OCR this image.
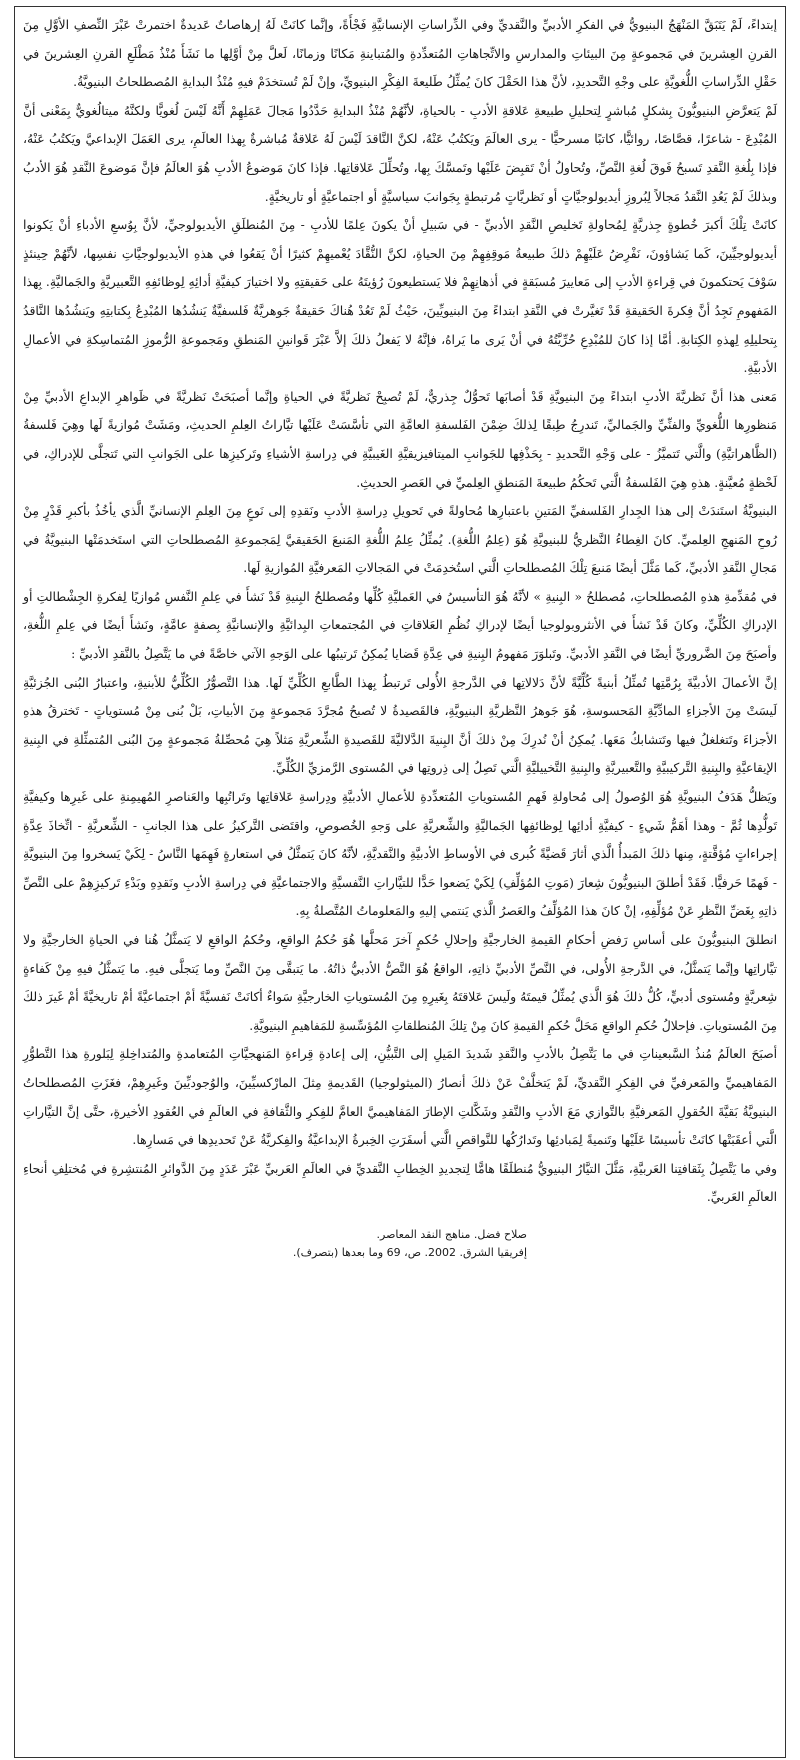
إبتداءً، لَمْ يَتَبَقَّ المَنْهَجُ البنيويُّ في الفكرِ الأدبيِّ والنَّقديِّ وفي الدِّراساتِ الإنسانيَّةِ فَجْأَةً، وإنَّما كانَتْ لَهُ إرهاصاتٌ عَديدةٌ اختمرتْ عَبْرَ النِّصفِ الأوَّلِ مِنَ القرنِ العِشرينَ في مَجموعةٍ مِنَ البيئاتِ والمدارسِ والاتِّجاهاتِ المُتعدِّدةِ والمُتباينةِ مَكانًا وزمانًا، لَعلَّ مِنْ أوَّلِها ما نَشَأَ مُنْذُ مَطْلَعِ القرنِ العِشرينَ في حَقْلِ الدِّراساتِ اللُّغويَّةِ على وجْهِ التَّحديدِ، لأنَّ هذا الحَقْلَ كانَ يُمثِّلُ طَليعةَ الفِكْرِ البنيويِّ، وإنْ لَمْ تُستخدَمْ فيهِ مُنْذُ البدايةِ المُصطلحاتُ البنيويَّةُ.

لَمْ يَتعرَّضِ البنيويُّونَ بِشكلٍ مُباشرٍ لِتحليلِ طبيعةِ عَلاقةِ الأدبِ - بالحياةِ، لأنَّهُمْ مُنْذُ البدايةِ حَدَّدُوا مَجالَ عَمَلِهِمْ أَنَّهُ لَيْسَ لُغويًّا ولكنَّهُ ميتالُغويٌّ بِمَعْنى أنَّ المُبْدِعَ - شاعرًا، قصَّاصًا، روائيًّا، كاتبًا مسرحيًّا - يرى العالَمَ ويَكتُبُ عَنْهُ، لكنَّ النَّاقدَ لَيْسَ لَهُ عَلاقةٌ مُباشرةٌ بِهذا العالَمِ، يرى العَمَلَ الإبداعيَّ ويَكتُبُ عَنْهُ، فإذا بِلُغةِ النَّقدِ تَسبحُ فَوقَ لُغةِ النَّصِّ، وتُحاولُ أنْ تَقبِضَ عَلَيْها وتَمسَّكَ بِها، وتُحلِّلَ عَلاقاتِها. فإذا كانَ مَوضوعُ الأدبِ هُوَ العالَمُ فإنَّ مَوضوعَ النَّقدِ هُوَ الأدبُ وبذلكَ لَمْ يَعُدِ النَّقدُ مَجالاً لِبُروزِ أيديولوجيَّاتٍ أو نَظريَّاتٍ مُرتبطةٍ بِجَوانبَ سياسيَّةٍ أو اجتماعيَّةٍ أو تاريخيَّةٍ.

كانَتْ تِلْكَ أكبرَ خُطوةٍ جِذريَّةٍ لِمُحاولةِ تَخليصِ النَّقدِ الأدبيِّ - في سَبيلِ أنْ يكونَ عِلمًا للأدبِ - مِنَ المُنطلَقِ الأيديولوجيِّ، لأنَّ بِوُسعِ الأدباءِ أنْ يَكونوا أيديولوجيِّينَ، كَما يَشاؤونَ، نَفْرِضُ عَلَيْهِمْ ذلكَ طبيعةُ مَوقِفِهِمْ مِنَ الحياةِ، لكنَّ النُّقَّادَ يُعْميهِمْ كثيرًا أنْ يَقعُوا في هذهِ الأيديولوجيَّاتِ نفسِها، لأنَّهُمْ حِينئذٍ سَوْفَ يَحتكمونَ في قِراءةِ الأدبِ إلى مَعاييرَ مُسبَقةٍ في أذهانِهِمْ فلا يَستطيعونَ رُؤيتَهُ على حَقيقتِهِ ولا اختيارَ كيفيَّةِ أدائِهِ لِوظائفِهِ التَّعبيريَّةِ والجَماليَّةِ. بِهذا المَفهومِ نَجِدُ أنَّ فِكرةَ الحَقيقةِ قَدْ تَغيَّرتْ في النَّقدِ ابتداءً مِنَ البنيويِّينَ، حَيْثُ لَمْ تَعُدْ هُناكَ حَقيقةٌ جَوهريَّةٌ فَلسفيَّةٌ يَنشُدُها المُبْدِعُ بِكتابتِهِ ويَنشُدُها النَّاقدُ بِتحليلِهِ لِهذهِ الكِتابةِ. أمَّا إذا كانَ للمُبْدِعِ حُرِّيَّتُهُ في أنْ يَرى ما يَراهُ، فإنَّهُ لا يَفعلُ ذلكَ إلاَّ عَبْرَ قَوانينِ المَنطقِ ومَجموعةِ الرُّموزِ المُتماسِكةِ في الأعمالِ الأدبيَّةِ.

مَعنى هذا أنَّ نَظريَّةَ الأدبِ ابتداءً مِنَ البنيويَّةِ قَدْ أصابَها تَحوُّلٌ جِذريٌّ، لَمْ تُصبِحْ نَظريَّةً في الحياةِ وإنَّما أصبَحَتْ نَظريَّةً في ظَواهرِ الإبداعِ الأدبيِّ مِنْ مَنظورِها اللُّغويِّ والفنِّيِّ والجَماليِّ، تَندرِجُ طِبقًا لِذلكَ ضِمْنَ الفَلسفةِ العامَّةِ التي تأسَّسَتْ عَلَيْها تيَّاراتُ العِلمِ الحديثِ، ومَشَتْ مُوازيةً لَها وهِيَ فَلسفةُ (الظَّاهراتيَّةِ) والَّتي تَتميَّزُ - على وَجْهِ التَّحديدِ - بِحَذْفِها للجَوانبِ الميتافيزيقيَّةِ الغَيبيَّةِ في دِراسةِ الأشياءِ وتَركيزِها على الجَوانبِ التي تَتجلَّى للإدراكِ، في لَحْظةٍ مُعيَّنةٍ. هذهِ هِيَ الفَلسفةُ الَّتي تَحكُمُ طبيعةَ المَنطقِ العِلميِّ في العَصرِ الحديثِ.

البنيويَّةُ استَندَتْ إلى هذا الجِدارِ الفَلسفيِّ المَتينِ باعتبارِها مُحاولةً في تَحويلِ دِراسةِ الأدبِ ونَقدِهِ إلى نَوعٍ مِنَ العِلمِ الإنسانيِّ الَّذي يأخُذُ بأكبرِ قَدْرٍ مِنْ رُوحِ المَنهجِ العِلميِّ. كانَ الغِطاءُ النَّظريُّ للبنيويَّةِ هُوَ (عِلمُ اللُّغةِ). يُمثِّلُ عِلمُ اللُّغةِ المَنبعَ الحَقيقيَّ لِمَجموعةِ المُصطلحاتِ التي استَخدمَتْها البنيويَّةُ في مَجالِ النَّقدِ الأدبيِّ، كَما مَثَّلَ أيضًا مَنبعَ تِلْكَ المُصطلحاتِ الَّتي استُخدِمَتْ في المَجالاتِ المَعرفيَّةِ المُوازيةِ لَها.

في مُقدِّمةِ هذهِ المُصطلحاتِ، مُصطلحُ « البِنيةِ » لأنَّهُ هُوَ التأسيسُ في العَمليَّةِ كُلِّها ومُصطلحُ البِنيةِ قَدْ نَشأَ في عِلمِ النَّفسِ مُوازيًا لِفكرةِ الجِشْطالتِ أو الإدراكِ الكُلِّيِّ، وكانَ قَدْ نَشأَ في الأنثروبولوجيا أيضًا لإدراكِ نُظُمِ العَلاقاتِ في المُجتمعاتِ البِدائيَّةِ والإنسانيَّةِ بِصفةٍ عامَّةٍ، ونَشأَ أيضًا في عِلمِ اللُّغةِ، وأصبَحَ مِنَ الضَّروريِّ أيضًا في النَّقدِ الأدبيِّ. وتَبلوَرَ مَفهومُ البِنيةِ في عِدَّةِ قَضايا يُمكِنُ تَرتيبُها على الوَجهِ الآتي خاصَّةً في ما يَتَّصِلُ بالنَّقدِ الأدبيِّ :

إنَّ الأعمالَ الأدبيَّةَ بِرُمَّتِها تُمثِّلُ أبنيةً كُلِّيَّةً لأنَّ دَلالاتِها في الدَّرجةِ الأُولى تَرتبطُ بِهذا الطَّابعِ الكُلِّيِّ لَها. هذا التَّصوُّرُ الكُلِّيُّ للأبنيةِ، واعتبارُ البُنى الجُزئيَّةِ لَيسَتْ مِنَ الأجزاءِ المادِّيَّةِ المَحسوسةِ، هُوَ جَوهرُ النَّظريَّةِ البنيويَّةِ، فالقَصيدةُ لا تُصبحُ مُجرَّدَ مَجموعةٍ مِنَ الأبياتِ، بَلْ بُنى مِنْ مُستوياتٍ - تَخترقُ هذهِ الأجزاءَ وتَتغلغلُ فيها وتَتشابكُ مَعَها. يُمكِنُ أنْ نُدرِكَ مِنْ ذلكَ أنَّ البِنيةَ الدَّلاليَّةَ للقَصيدةِ الشِّعريَّةِ مَثلاً هِيَ مُحصِّلةُ مَجموعةٍ مِنَ البُنى المُتمثِّلةِ في البِنيةِ الإيقاعيَّةِ والبِنيةِ التَّركيبيَّةِ والتَّعبيريَّةِ والبِنيةِ التَّخييليَّةِ الَّتي تَصِلُ إلى ذِروتِها في المُستوى الرَّمزيِّ الكُلِّيِّ.

ويَظلُّ هَدَفُ البنيويَّةِ هُوَ الوُصولُ إلى مُحاولةِ فَهمِ المُستوياتِ المُتعدِّدةِ للأعمالِ الأدبيَّةِ ودِراسةِ عَلاقاتِها وتَراتُبِها والعَناصرِ المُهيمِنةِ على غَيرِها وكيفيَّةِ تَولُّدِها ثُمَّ - وهذا أهَمُّ شَيءٍ - كيفيَّةِ أدائِها لِوظائفِها الجَماليَّةِ والشِّعريَّةِ على وَجهِ الخُصوصِ، واقتَضى التَّركيزُ على هذا الجانبِ - الشِّعريَّةِ - اتِّخاذَ عِدَّةِ إجراءاتٍ مُؤقَّتةٍ، مِنها ذلكَ المَبدأُ الَّذي أثارَ قَضيَّةً كُبرى في الأوساطِ الأدبيَّةِ والنَّقديَّةِ، لأنَّهُ كانَ يَتمثَّلُ في استعارةٍ فَهِمَها النَّاسُ - لِكَيْ يَسخروا مِنَ البنيويَّةِ - فَهمًا حَرفيًّا. فَقَدْ أطلقَ البنيويُّونَ شِعارَ (مَوتِ المُؤلِّفِ) لِكَيْ يَضعوا حَدًّا للتيَّاراتِ النَّفسيَّةِ والاجتماعيَّةِ في دِراسةِ الأدبِ ونَقدِهِ وبَدْءِ تَركيزِهِمْ على النَّصِّ ذاتِهِ بِغَضِّ النَّظرِ عَنْ مُؤلِّفِهِ، إنْ كانَ هذا المُؤلِّفُ والعَصرُ الَّذي يَنتمي إليهِ والمَعلوماتُ المُتَّصلةُ بِهِ.

انطلقَ البنيويُّونَ على أساسِ رَفضِ أحكامِ القيمةِ الخارجيَّةِ وإحلالِ حُكمٍ آخرَ مَحلَّها هُوَ حُكمُ الواقعِ، وحُكمُ الواقعِ لا يَتمثَّلُ هُنا في الحياةِ الخارجيَّةِ ولا تيَّاراتِها وإنَّما يَتمثَّلُ، في الدَّرجةِ الأُولى، في النَّصِّ الأدبيِّ ذاتِهِ، الواقعُ هُوَ النَّصُّ الأدبيُّ ذاتُهُ. ما يَتبقَّى مِنَ النَّصِّ وما يَتجلَّى فيهِ. ما يَتمثَّلُ فيهِ مِنْ كَفاءةٍ شِعريَّةٍ ومُستوى أدبيٍّ، كُلُّ ذلكَ هُوَ الَّذي يُمثِّلُ قيمتَهُ ولَيسَ عَلاقتَهُ بِغَيرِهِ مِنَ المُستوياتِ الخارجيَّةِ سَواءٌ أكانَتْ نَفسيَّةً أمْ اجتماعيَّةً أمْ تاريخيَّةً أمْ غَيرَ ذلكَ مِنَ المُستوياتِ. فإحلالُ حُكمِ الواقعِ مَحَلَّ حُكمِ القيمةِ كانَ مِنْ تِلكَ المُنطلقاتِ المُؤسِّسةِ للمَفاهيمِ البنيويَّةِ.

أصبَحَ العالَمُ مُنذُ السَّبعيناتِ في ما يَتَّصِلُ بالأدبِ والنَّقدِ شَديدَ المَيلِ إلى التَّبيُّنِ، إلى إعادةِ قِراءةِ المَنهجيَّاتِ المُتعامدةِ والمُتداخِلةِ لِبَلورةِ هذا التَّطوُّرِ المَفاهيميِّ والمَعرفيِّ في الفِكرِ النَّقديِّ، لَمْ يَتخلَّفْ عَنْ ذلكَ أنصارُ (الميثولوجيا) القَديمةِ مِثلَ المارْكسيِّينَ، والوُجوديِّينَ وغَيرِهِمْ، فغَزَتِ المُصطلحاتُ البنيويَّةُ بَقيَّةَ الحُقولِ المَعرفيَّةِ بالتَّوازي مَعَ الأدبِ والنَّقدِ وشَكَّلتِ الإطارَ المَفاهيميَّ العامَّ للفِكرِ والثَّقافةِ في العالَمِ في العُقودِ الأخيرةِ، حتَّى إنَّ التيَّاراتِ الَّتي أعقَبَتْها كانَتْ تأسيسًا عَلَيْها وتَنميةً لِمَبادئِها وتَدارُكُها للنَّواقصِ الَّتي أسفَرَتِ الخِبرةُ الإبداعيَّةُ والفِكريَّةُ عَنْ تَحديدِها في مَسارِها.

وفي ما يَتَّصِلُ بِثَقافتِنا العَربيَّةِ، مَثَّلَ التيَّارُ البنيويُّ مُنطلَقًا هامًّا لِتجديدِ الخِطابِ النَّقديِّ في العالَمِ العَربيِّ عَبْرَ عَدَدٍ مِنَ الدَّوائرِ المُنتشِرةِ في مُختلِفِ أنحاءِ العالَمِ العَربيِّ.

صلاح فضل. مناهج النقد المعاصر.
إفريقيا الشرق. 2002. ص، 69 وما بعدها (بتصرف).
